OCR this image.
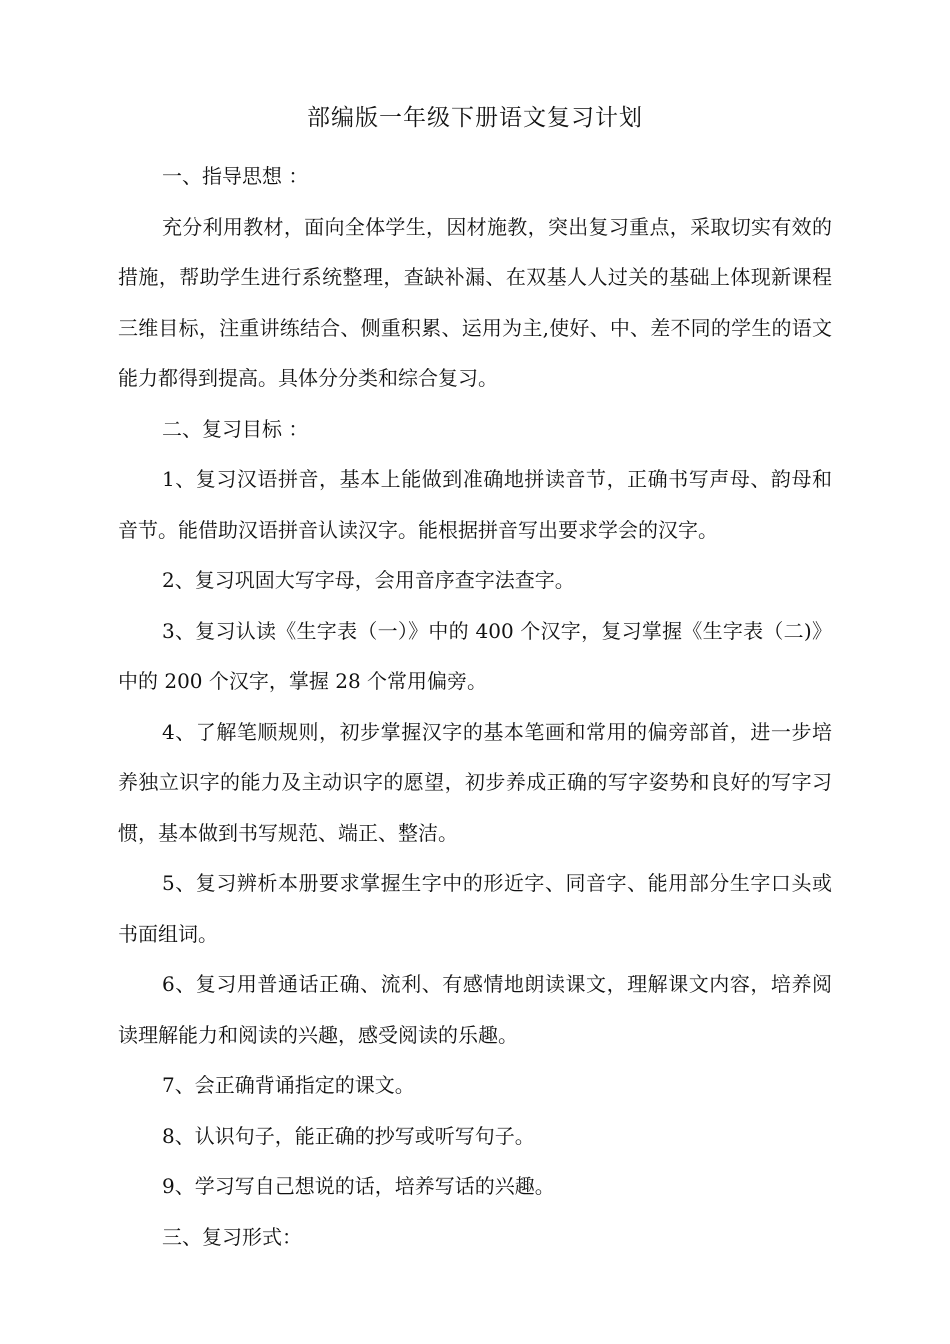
部编版一年级下册语文复习计划

一、指导思想 ：

充分利用教材，面向全体学生，因材施教，突出复习重点，采取切实有效的措施，帮助学生进行系统整理，查缺补漏、在双基人人过关的基础上体现新课程三维目标，注重讲练结合、侧重积累、运用为主,使好、中、差不同的学生的语文能力都得到提高。具体分分类和综合复习。

二、复习目标 ：

1、复习汉语拼音，基本上能做到准确地拼读音节，正确书写声母、韵母和音节。能借助汉语拼音认读汉字。能根据拼音写出要求学会的汉字。

2、复习巩固大写字母，会用音序查字法查字。

3、复习认读《生字表（一）》中的 400 个汉字，复习掌握《生字表（二)》中的 200 个汉字，掌握 28 个常用偏旁。

4、了解笔顺规则，初步掌握汉字的基本笔画和常用的偏旁部首，进一步培养独立识字的能力及主动识字的愿望，初步养成正确的写字姿势和良好的写字习惯，基本做到书写规范、端正、整洁。

5、复习辨析本册要求掌握生字中的形近字、同音字、能用部分生字口头或书面组词。

6、复习用普通话正确、流利、有感情地朗读课文，理解课文内容，培养阅读理解能力和阅读的兴趣，感受阅读的乐趣。

7、会正确背诵指定的课文。

8、认识句子，能正确的抄写或听写句子。

9、学习写自己想说的话，培养写话的兴趣。

三、复习形式：
